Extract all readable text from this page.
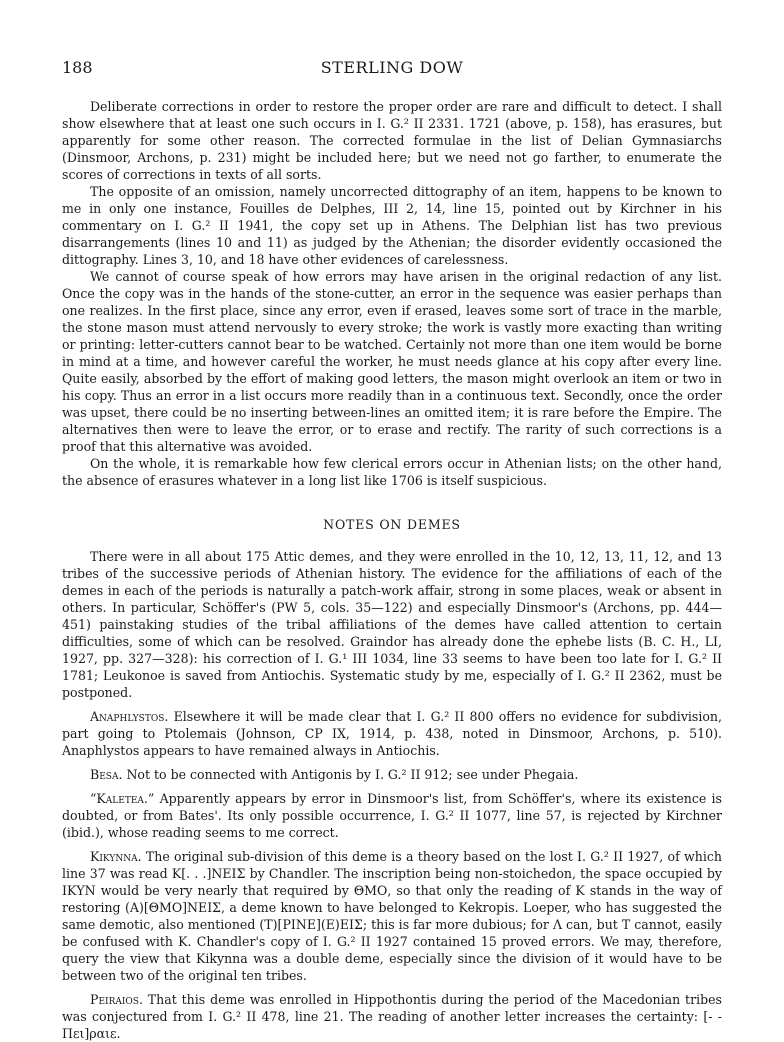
188	STERLING DOW

Deliberate corrections in order to restore the proper order are rare and difficult to detect. I shall show elsewhere that at least one such occurs in I. G.² II 2331. 1721 (above, p. 158), has erasures, but apparently for some other reason. The corrected formulae in the list of Delian Gymnasiarchs (Dinsmoor, Archons, p. 231) might be included here; but we need not go farther, to enumerate the scores of corrections in texts of all sorts.

The opposite of an omission, namely uncorrected dittography of an item, happens to be known to me in only one instance, Fouilles de Delphes, III 2, 14, line 15, pointed out by Kirchner in his commentary on I. G.² II 1941, the copy set up in Athens. The Delphian list has two previous disarrangements (lines 10 and 11) as judged by the Athenian; the disorder evidently occasioned the dittography. Lines 3, 10, and 18 have other evidences of carelessness.

We cannot of course speak of how errors may have arisen in the original redaction of any list. Once the copy was in the hands of the stone-cutter, an error in the sequence was easier perhaps than one realizes. In the first place, since any error, even if erased, leaves some sort of trace in the marble, the stone mason must attend nervously to every stroke; the work is vastly more exacting than writing or printing: letter-cutters cannot bear to be watched. Certainly not more than one item would be borne in mind at a time, and however careful the worker, he must needs glance at his copy after every line. Quite easily, absorbed by the effort of making good letters, the mason might overlook an item or two in his copy. Thus an error in a list occurs more readily than in a continuous text. Secondly, once the order was upset, there could be no inserting between-lines an omitted item; it is rare before the Empire. The alternatives then were to leave the error, or to erase and rectify. The rarity of such corrections is a proof that this alternative was avoided.

On the whole, it is remarkable how few clerical errors occur in Athenian lists; on the other hand, the absence of erasures whatever in a long list like 1706 is itself suspicious.

NOTES ON DEMES

There were in all about 175 Attic demes, and they were enrolled in the 10, 12, 13, 11, 12, and 13 tribes of the successive periods of Athenian history. The evidence for the affiliations of each of the demes in each of the periods is naturally a patch-work affair, strong in some places, weak or absent in others. In particular, Schöffer's (PW 5, cols. 35—122) and especially Dinsmoor's (Archons, pp. 444—451) painstaking studies of the tribal affiliations of the demes have called attention to certain difficulties, some of which can be resolved. Graindor has already done the ephebe lists (B. C. H., LI, 1927, pp. 327—328): his correction of I. G.¹ III 1034, line 33 seems to have been too late for I. G.² II 1781; Leukonoe is saved from Antiochis. Systematic study by me, especially of I. G.² II 2362, must be postponed.

Anaphlystos. Elsewhere it will be made clear that I. G.² II 800 offers no evidence for subdivision, part going to Ptolemais (Johnson, CP IX, 1914, p. 438, noted in Dinsmoor, Archons, p. 510). Anaphlystos appears to have remained always in Antiochis.

Besa. Not to be connected with Antigonis by I. G.² II 912; see under Phegaia.

“Kaletea.” Apparently appears by error in Dinsmoor's list, from Schöffer's, where its existence is doubted, or from Bates'. Its only possible occurrence, I. G.² II 1077, line 57, is rejected by Kirchner (ibid.), whose reading seems to me correct.

Kikynna. The original sub-division of this deme is a theory based on the lost I. G.² II 1927, of which line 37 was read Κ[. . .]ΝΕΙΣ by Chandler. The inscription being non-stoichedon, the space occupied by ΙΚΥΝ would be very nearly that required by ΘΜΟ, so that only the reading of Κ stands in the way of restoring (Α)[ΘΜΟ]ΝΕΙΣ, a deme known to have belonged to Kekropis. Loeper, who has suggested the same demotic, also mentioned (Τ)[ΡΙΝΕ](Ε)ΕΙΣ; this is far more dubious; for Λ can, but Τ cannot, easily be confused with Κ. Chandler's copy of I. G.² II 1927 contained 15 proved errors. We may, therefore, query the view that Kikynna was a double deme, especially since the division of it would have to be between two of the original ten tribes.

Peiraios. That this deme was enrolled in Hippothontis during the period of the Macedonian tribes was conjectured from I. G.² II 478, line 21. The reading of another letter increases the certainty: [- - Πει]ραιε.
